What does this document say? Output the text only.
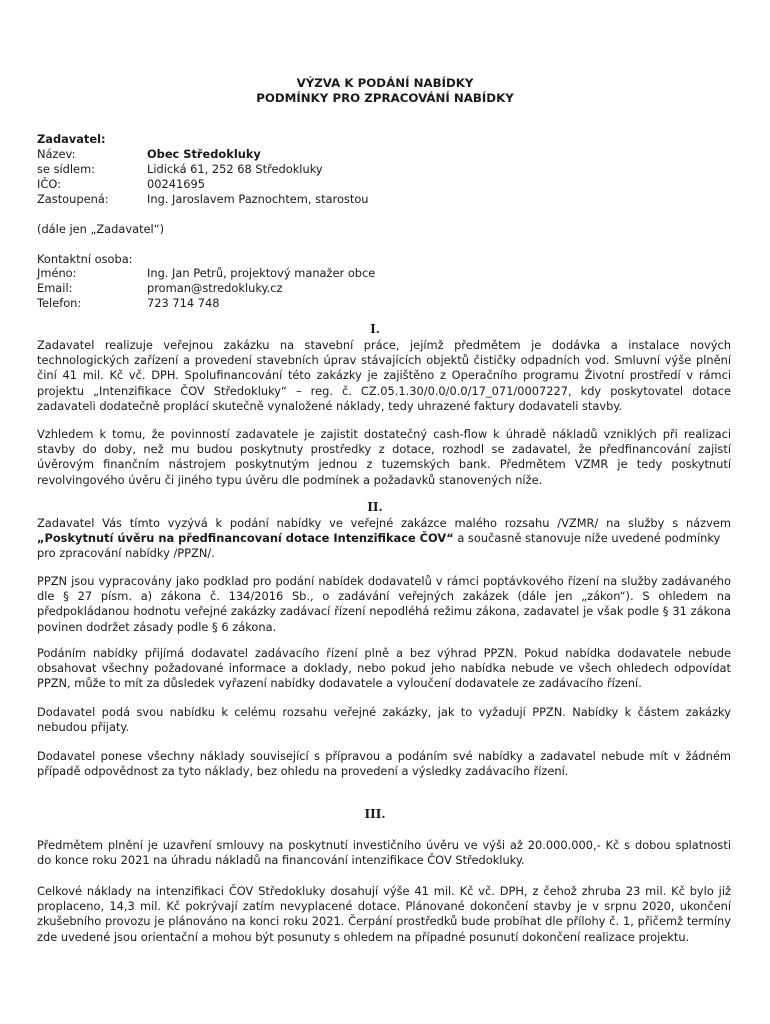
VÝZVA K PODÁNÍ NABÍDKY
PODMÍNKY PRO ZPRACOVÁNÍ NABÍDKY
Zadavatel:
Název:	Obec Středokluky
se sídlem:	Lidická 61, 252 68 Středokluky
IČO:	00241695
Zastoupená:	Ing. Jaroslavem Paznochtem, starostou
(dále jen „Zadavatel“)
Kontaktní osoba:
Jméno:	Ing. Jan Petrů, projektový manažer obce
Email:	proman@stredokluky.cz
Telefon:	723 714 748
I.
Zadavatel realizuje veřejnou zakázku na stavební práce, jejímž předmětem je dodávka a instalace nových
technologických zařízení a provedení stavebních úprav stávajících objektů čističky odpadních vod. Smluvní výše plnění
činí 41 mil. Kč vč. DPH. Spolufinancování této zakázky je zajištěno z Operačního programu Životní prostředí v rámci
projektu „Intenzifikace ČOV Středokluky“ – reg. č. CZ.05.1.30/0.0/0.0/17_071/0007227, kdy poskytovatel dotace
zadavateli dodatečně proplácí skutečně vynaložené náklady, tedy uhrazené faktury dodavateli stavby.
Vzhledem k tomu, že povinností zadavatele je zajistit dostatečný cash-flow k úhradě nákladů vzniklých při realizaci
stavby do doby, než mu budou poskytnuty prostředky z dotace, rozhodl se zadavatel, že předfinancování zajistí
úvěrovým finančním nástrojem poskytnutým jednou z tuzemských bank. Předmětem VZMR je tedy poskytnutí
revolvingového úvěru či jiného typu úvěru dle podmínek a požadavků stanovených níže.
II.
Zadavatel Vás tímto vyzývá k podání nabídky ve veřejné zakázce malého rozsahu /VZMR/ na služby s názvem
„Poskytnutí úvěru na předfinancovaní dotace Intenzifikace ČOV“ a současně stanovuje níže uvedené podmínky
pro zpracování nabídky /PPZN/.
PPZN jsou vypracovány jako podklad pro podání nabídek dodavatelů v rámci poptávkového řízení na služby zadávaného
dle § 27 písm. a) zákona č. 134/2016 Sb., o zadávání veřejných zakázek (dále jen „zákon“). S ohledem na
předpokládanou hodnotu veřejné zakázky zadávací řízení nepodléhá režimu zákona, zadavatel je však podle § 31 zákona
povinen dodržet zásady podle § 6 zákona.
Podáním nabídky přijímá dodavatel zadávacího řízení plně a bez výhrad PPZN. Pokud nabídka dodavatele nebude
obsahovat všechny požadované informace a doklady, nebo pokud jeho nabídka nebude ve všech ohledech odpovídat
PPZN, může to mít za důsledek vyřazení nabídky dodavatele a vyloučení dodavatele ze zadávacího řízení.
Dodavatel podá svou nabídku k celému rozsahu veřejné zakázky, jak to vyžadují PPZN. Nabídky k částem zakázky
nebudou přijaty.
Dodavatel ponese všechny náklady související s přípravou a podáním své nabídky a zadavatel nebude mít v žádném
případě odpovědnost za tyto náklady, bez ohledu na provedení a výsledky zadávacího řízení.
III.
Předmětem plnění je uzavření smlouvy na poskytnutí investičního úvěru ve výši až 20.000.000,- Kč s dobou splatnosti
do konce roku 2021 na úhradu nákladů na financování intenzifikace ČOV Středokluky.
Celkové náklady na intenzifikaci ČOV Středokluky dosahují výše 41 mil. Kč vč. DPH, z čehož zhruba 23 mil. Kč bylo již
proplaceno, 14,3 mil. Kč pokrývají zatím nevyplacené dotace. Plánované dokončení stavby je v srpnu 2020, ukončení
zkušebního provozu je plánováno na konci roku 2021. Čerpání prostředků bude probíhat dle přílohy č. 1, přičemž termíny
zde uvedené jsou orientační a mohou být posunuty s ohledem na případné posunutí dokončení realizace projektu.
